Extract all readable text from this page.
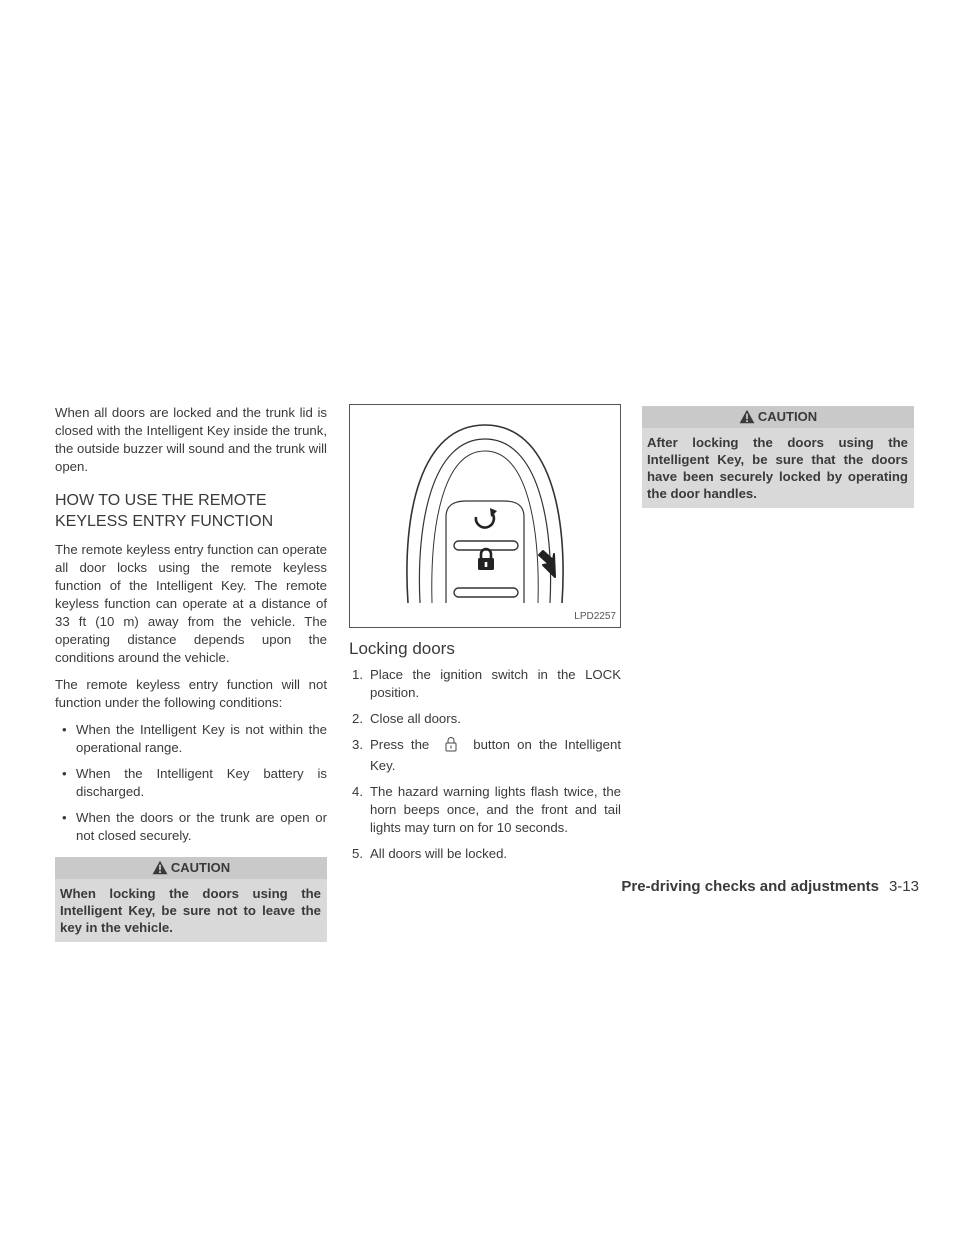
When all doors are locked and the trunk lid is closed with the Intelligent Key inside the trunk, the outside buzzer will sound and the trunk will open.

HOW TO USE THE REMOTE KEYLESS ENTRY FUNCTION

The remote keyless entry function can operate all door locks using the remote keyless function of the Intelligent Key. The remote keyless function can operate at a distance of 33 ft (10 m) away from the vehicle. The operating distance depends upon the conditions around the vehicle.

The remote keyless entry function will not function under the following conditions:

• When the Intelligent Key is not within the operational range.
• When the Intelligent Key battery is discharged.
• When the doors or the trunk are open or not closed securely.
CAUTION
When locking the doors using the Intelligent Key, be sure not to leave the key in the vehicle.
LPD2257
Locking doors
1. Place the ignition switch in the LOCK position.
2. Close all doors.
3. Press the	button on the Intelligent Key.
4. The hazard warning lights flash twice, the horn beeps once, and the front and tail lights may turn on for 10 seconds.
5. All doors will be locked.
CAUTION
After locking the doors using the Intelligent Key, be sure that the doors have been securely locked by operating the door handles.
Pre-driving checks and adjustments 3-13
